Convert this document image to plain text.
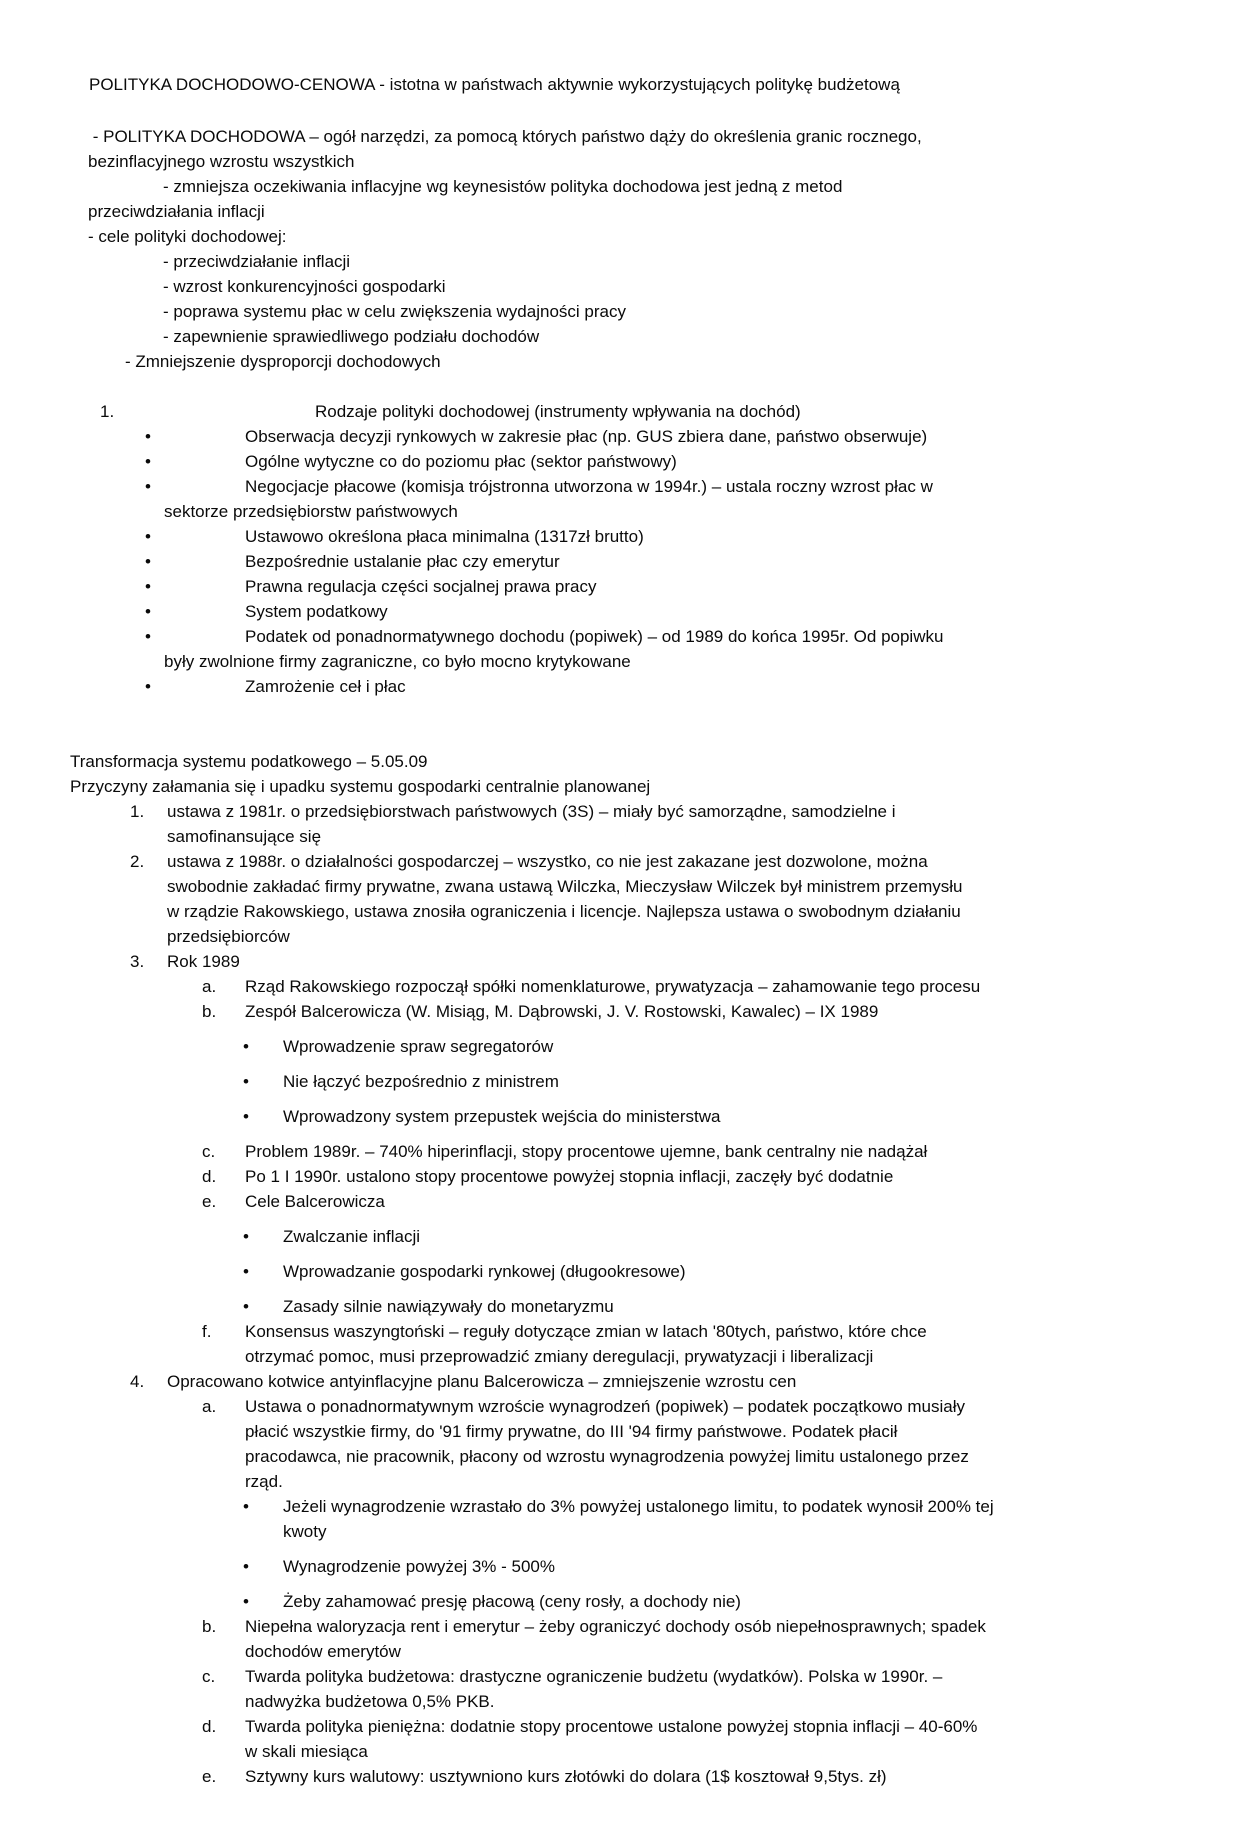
POLITYKA DOCHODOWO-CENOWA - istotna w państwach aktywnie wykorzystujących politykę budżetową
- POLITYKA DOCHODOWA – ogół narzędzi, za pomocą których państwo dąży do określenia granic rocznego,
bezinflacyjnego wzrostu wszystkich
- zmniejsza oczekiwania inflacyjne wg keynesistów polityka dochodowa jest jedną z metod
przeciwdziałania inflacji
- cele polityki dochodowej:
- przeciwdziałanie inflacji
- wzrost konkurencyjności gospodarki
- poprawa systemu płac w celu zwiększenia wydajności pracy
- zapewnienie sprawiedliwego podziału dochodów
- Zmniejszenie dysproporcji dochodowych
1.	Rodzaje polityki dochodowej (instrumenty wpływania na dochód)
•	Obserwacja decyzji rynkowych w zakresie płac (np. GUS zbiera dane, państwo obserwuje)
•	Ogólne wytyczne co do poziomu płac (sektor państwowy)
•	Negocjacje płacowe (komisja trójstronna utworzona w 1994r.) – ustala roczny wzrost płac w
sektorze przedsiębiorstw państwowych
•	Ustawowo określona płaca minimalna (1317zł brutto)
•	Bezpośrednie ustalanie płac czy emerytur
•	Prawna regulacja części socjalnej prawa pracy
•	System podatkowy
•	Podatek od ponadnormatywnego dochodu (popiwek) – od 1989 do końca 1995r. Od popiwku
były zwolnione firmy zagraniczne, co było mocno krytykowane
•	Zamrożenie ceł i płac
Transformacja systemu podatkowego – 5.05.09
Przyczyny załamania się i upadku systemu gospodarki centralnie planowanej
1. ustawa z 1981r. o przedsiębiorstwach państwowych (3S) – miały być samorządne, samodzielne i
samofinansujące się
2. ustawa z 1988r. o działalności gospodarczej – wszystko, co nie jest zakazane jest dozwolone, można
swobodnie zakładać firmy prywatne, zwana ustawą Wilczka, Mieczysław Wilczek był ministrem przemysłu
w rządzie Rakowskiego, ustawa znosiła ograniczenia i licencje. Najlepsza ustawa o swobodnym działaniu
przedsiębiorców
3. Rok 1989
a. Rząd Rakowskiego rozpoczął spółki nomenklaturowe, prywatyzacja – zahamowanie tego procesu
b. Zespół Balcerowicza (W. Misiąg, M. Dąbrowski, J. V. Rostowski, Kawalec) – IX 1989
• Wprowadzenie spraw segregatorów
• Nie łączyć bezpośrednio z ministrem
• Wprowadzony system przepustek wejścia do ministerstwa
c. Problem 1989r. – 740% hiperinflacji, stopy procentowe ujemne, bank centralny nie nadążał
d. Po 1 I 1990r. ustalono stopy procentowe powyżej stopnia inflacji, zaczęły być dodatnie
e. Cele Balcerowicza
• Zwalczanie inflacji
• Wprowadzanie gospodarki rynkowej (długookresowe)
• Zasady silnie nawiązywały do monetaryzmu
f. Konsensus waszyngtoński – reguły dotyczące zmian w latach '80tych, państwo, które chce
otrzymać pomoc, musi przeprowadzić zmiany deregulacji, prywatyzacji i liberalizacji
4. Opracowano kotwice antyinflacyjne planu Balcerowicza – zmniejszenie wzrostu cen
a. Ustawa o ponadnormatywnym wzroście wynagrodzeń (popiwek) – podatek początkowo musiały
płacić wszystkie firmy, do '91 firmy prywatne, do III '94 firmy państwowe. Podatek płacił
pracodawca, nie pracownik, płacony od wzrostu wynagrodzenia powyżej limitu ustalonego przez
rząd.
• Jeżeli wynagrodzenie wzrastało do 3% powyżej ustalonego limitu, to podatek wynosił 200% tej
kwoty
• Wynagrodzenie powyżej 3% - 500%
• Żeby zahamować presję płacową (ceny rosły, a dochody nie)
b. Niepełna waloryzacja rent i emerytur – żeby ograniczyć dochody osób niepełnosprawnych; spadek
dochodów emerytów
c. Twarda polityka budżetowa: drastyczne ograniczenie budżetu (wydatków). Polska w 1990r. –
nadwyżka budżetowa 0,5% PKB.
d. Twarda polityka pieniężna: dodatnie stopy procentowe ustalone powyżej stopnia inflacji – 40-60%
w skali miesiąca
e. Sztywny kurs walutowy: usztywniono kurs złotówki do dolara (1$ kosztował 9,5tys. zł)
